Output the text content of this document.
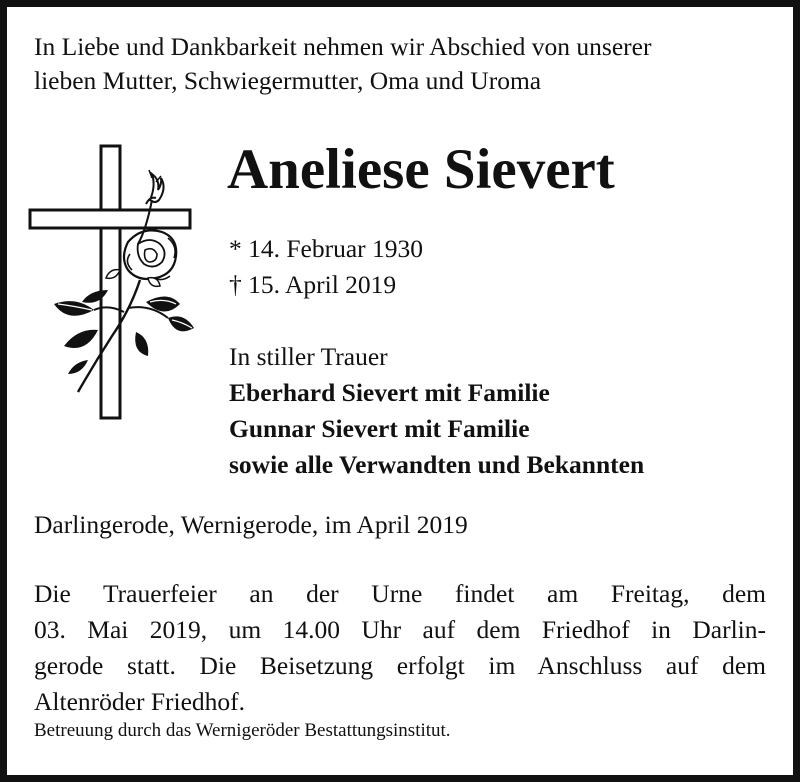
In Liebe und Dankbarkeit nehmen wir Abschied von unserer
lieben Mutter, Schwiegermutter, Oma und Uroma
Aneliese Sievert
* 14. Februar 1930
† 15. April 2019
In stiller Trauer
Eberhard Sievert mit Familie
Gunnar Sievert mit Familie
sowie alle Verwandten und Bekannten
Darlingerode, Wernigerode, im April 2019
Die Trauerfeier an der Urne findet am Freitag, dem
03. Mai 2019, um 14.00 Uhr auf dem Friedhof in Darlin-
gerode statt. Die Beisetzung erfolgt im Anschluss auf dem
Altenröder Friedhof.
Betreuung durch das Wernigeröder Bestattungsinstitut.
